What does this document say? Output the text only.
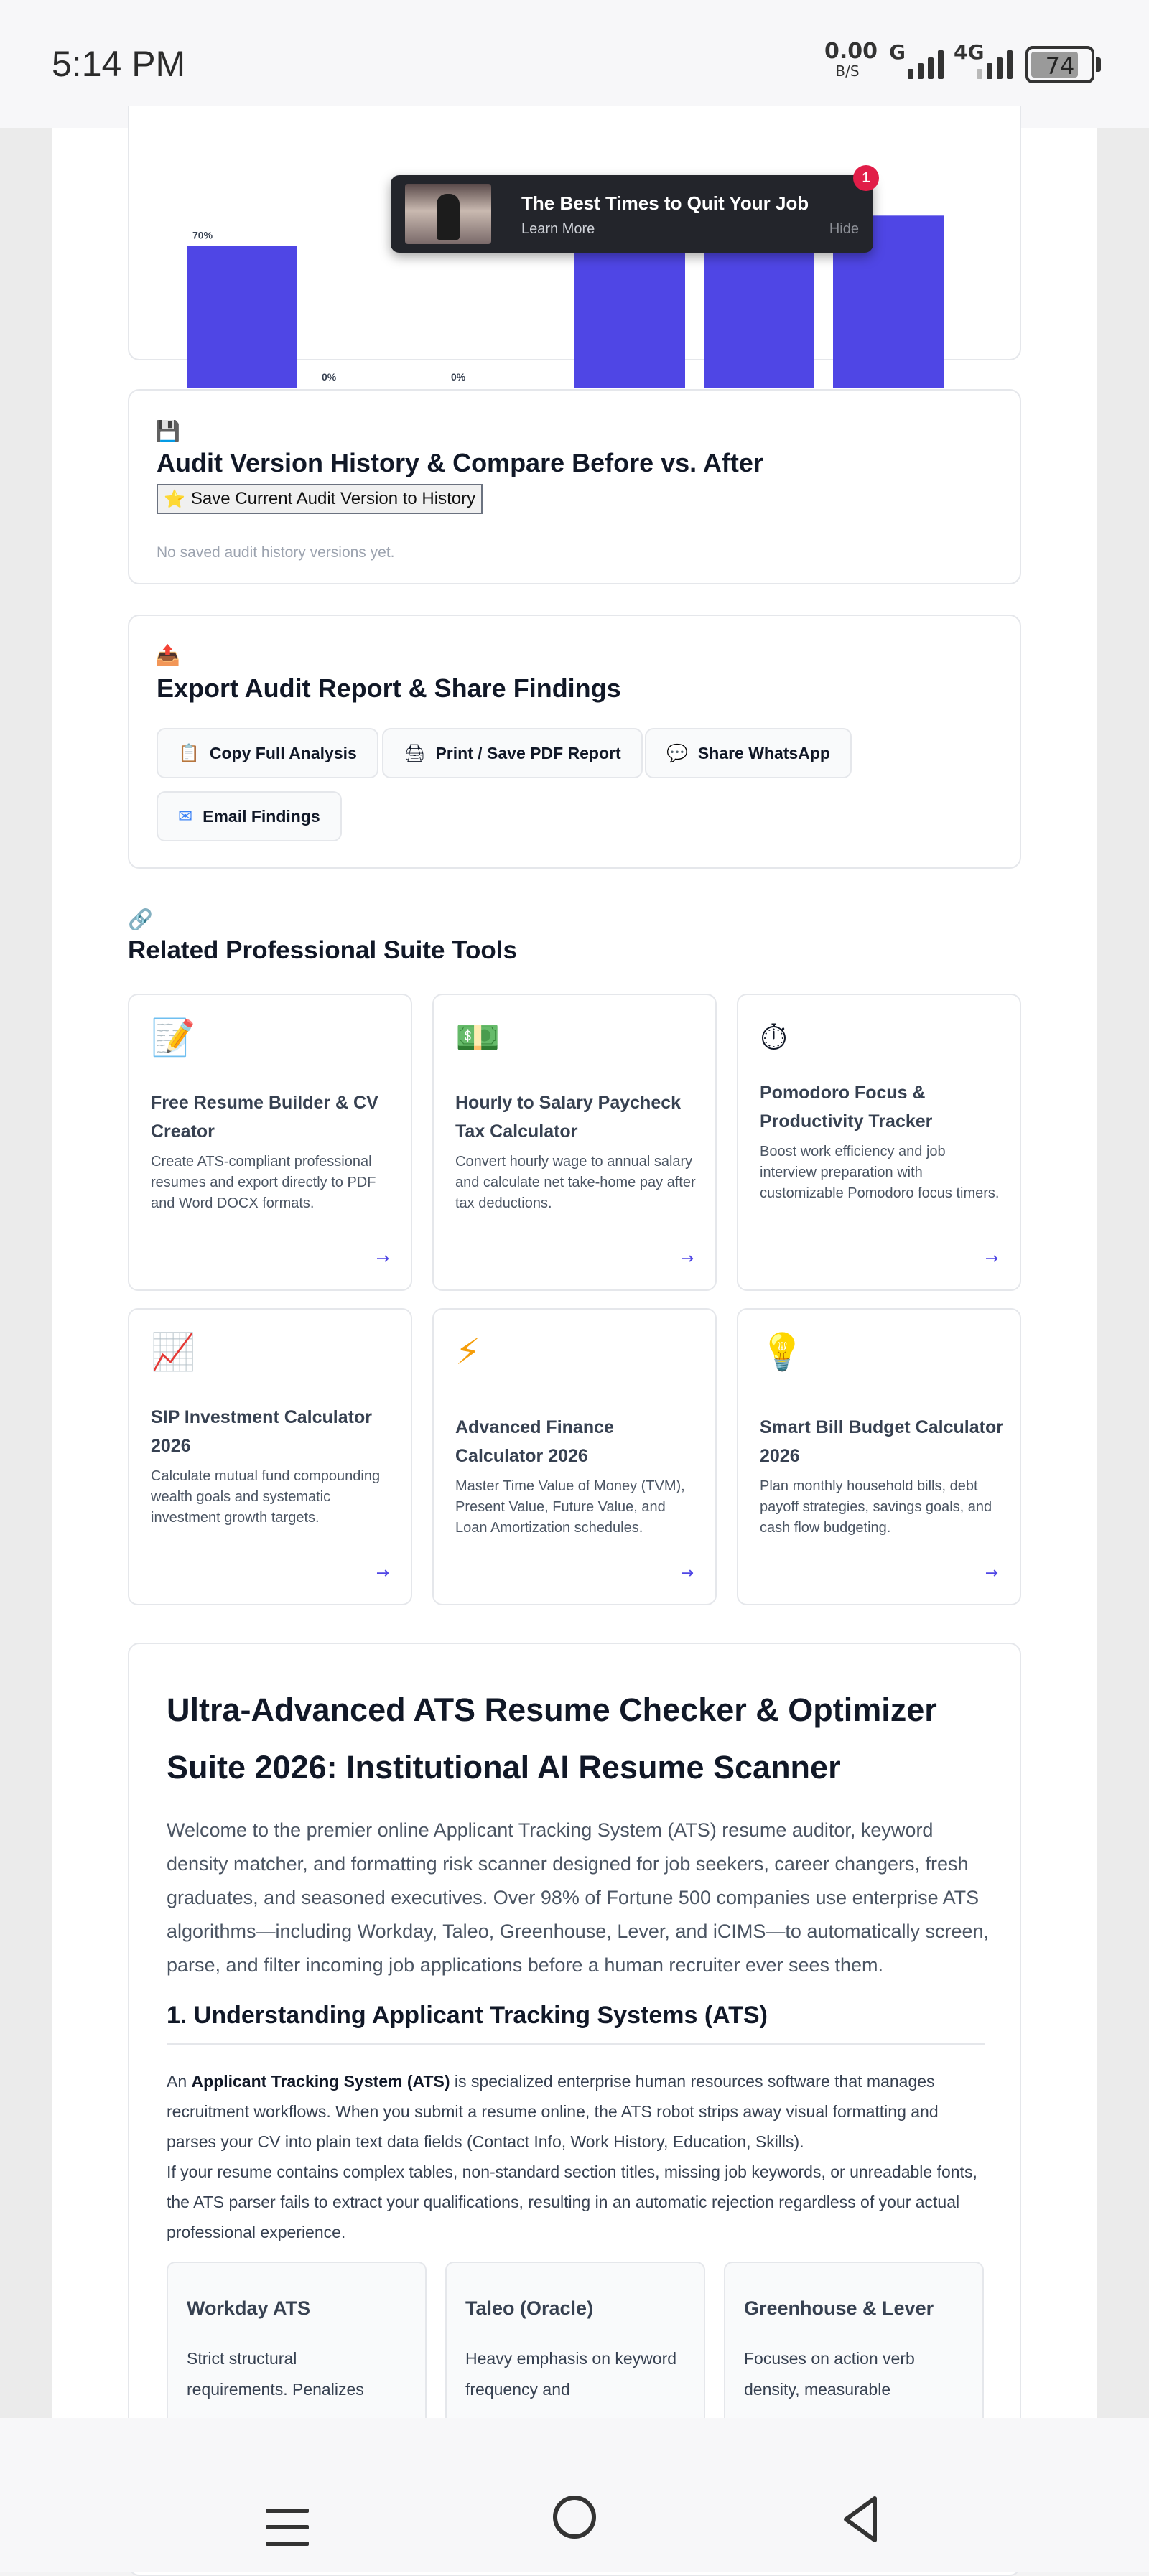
5:14 PM	0.00
B/S
G 4G
74
70%
0%	0%
The Best Times to Quit Your Job
Learn More	Hide
1
💾
Audit Version History & Compare Before vs. After
⭐ Save Current Audit Version to History
No saved audit history versions yet.
📤
Export Audit Report & Share Findings
📋 Copy Full Analysis	🖨 Print / Save PDF Report	💬 Share WhatsApp
✉ Email Findings
🔗
Related Professional Suite Tools
📝
Free Resume Builder & CV Creator
Create ATS-compliant professional resumes and export directly to PDF and Word DOCX formats.
→
💵
Hourly to Salary Paycheck Tax Calculator
Convert hourly wage to annual salary and calculate net take-home pay after tax deductions.
→
⏱
Pomodoro Focus & Productivity Tracker
Boost work efficiency and job interview preparation with customizable Pomodoro focus timers.
→
📈
SIP Investment Calculator 2026
Calculate mutual fund compounding wealth goals and systematic investment growth targets.
→
⚡
Advanced Finance Calculator 2026
Master Time Value of Money (TVM), Present Value, Future Value, and Loan Amortization schedules.
→
💡
Smart Bill Budget Calculator 2026
Plan monthly household bills, debt payoff strategies, savings goals, and cash flow budgeting.
→
Ultra-Advanced ATS Resume Checker & Optimizer Suite 2026: Institutional AI Resume Scanner
Welcome to the premier online Applicant Tracking System (ATS) resume auditor, keyword density matcher, and formatting risk scanner designed for job seekers, career changers, fresh graduates, and seasoned executives. Over 98% of Fortune 500 companies use enterprise ATS algorithms—including Workday, Taleo, Greenhouse, Lever, and iCIMS—to automatically screen, parse, and filter incoming job applications before a human recruiter ever sees them.
1. Understanding Applicant Tracking Systems (ATS)
An Applicant Tracking System (ATS) is specialized enterprise human resources software that manages recruitment workflows. When you submit a resume online, the ATS robot strips away visual formatting and parses your CV into plain text data fields (Contact Info, Work History, Education, Skills).
If your resume contains complex tables, non-standard section titles, missing job keywords, or unreadable fonts, the ATS parser fails to extract your qualifications, resulting in an automatic rejection regardless of your actual professional experience.
Workday ATS
Strict structural requirements. Penalizes
Taleo (Oracle)
Heavy emphasis on keyword frequency and
Greenhouse & Lever
Focuses on action verb density, measurable
